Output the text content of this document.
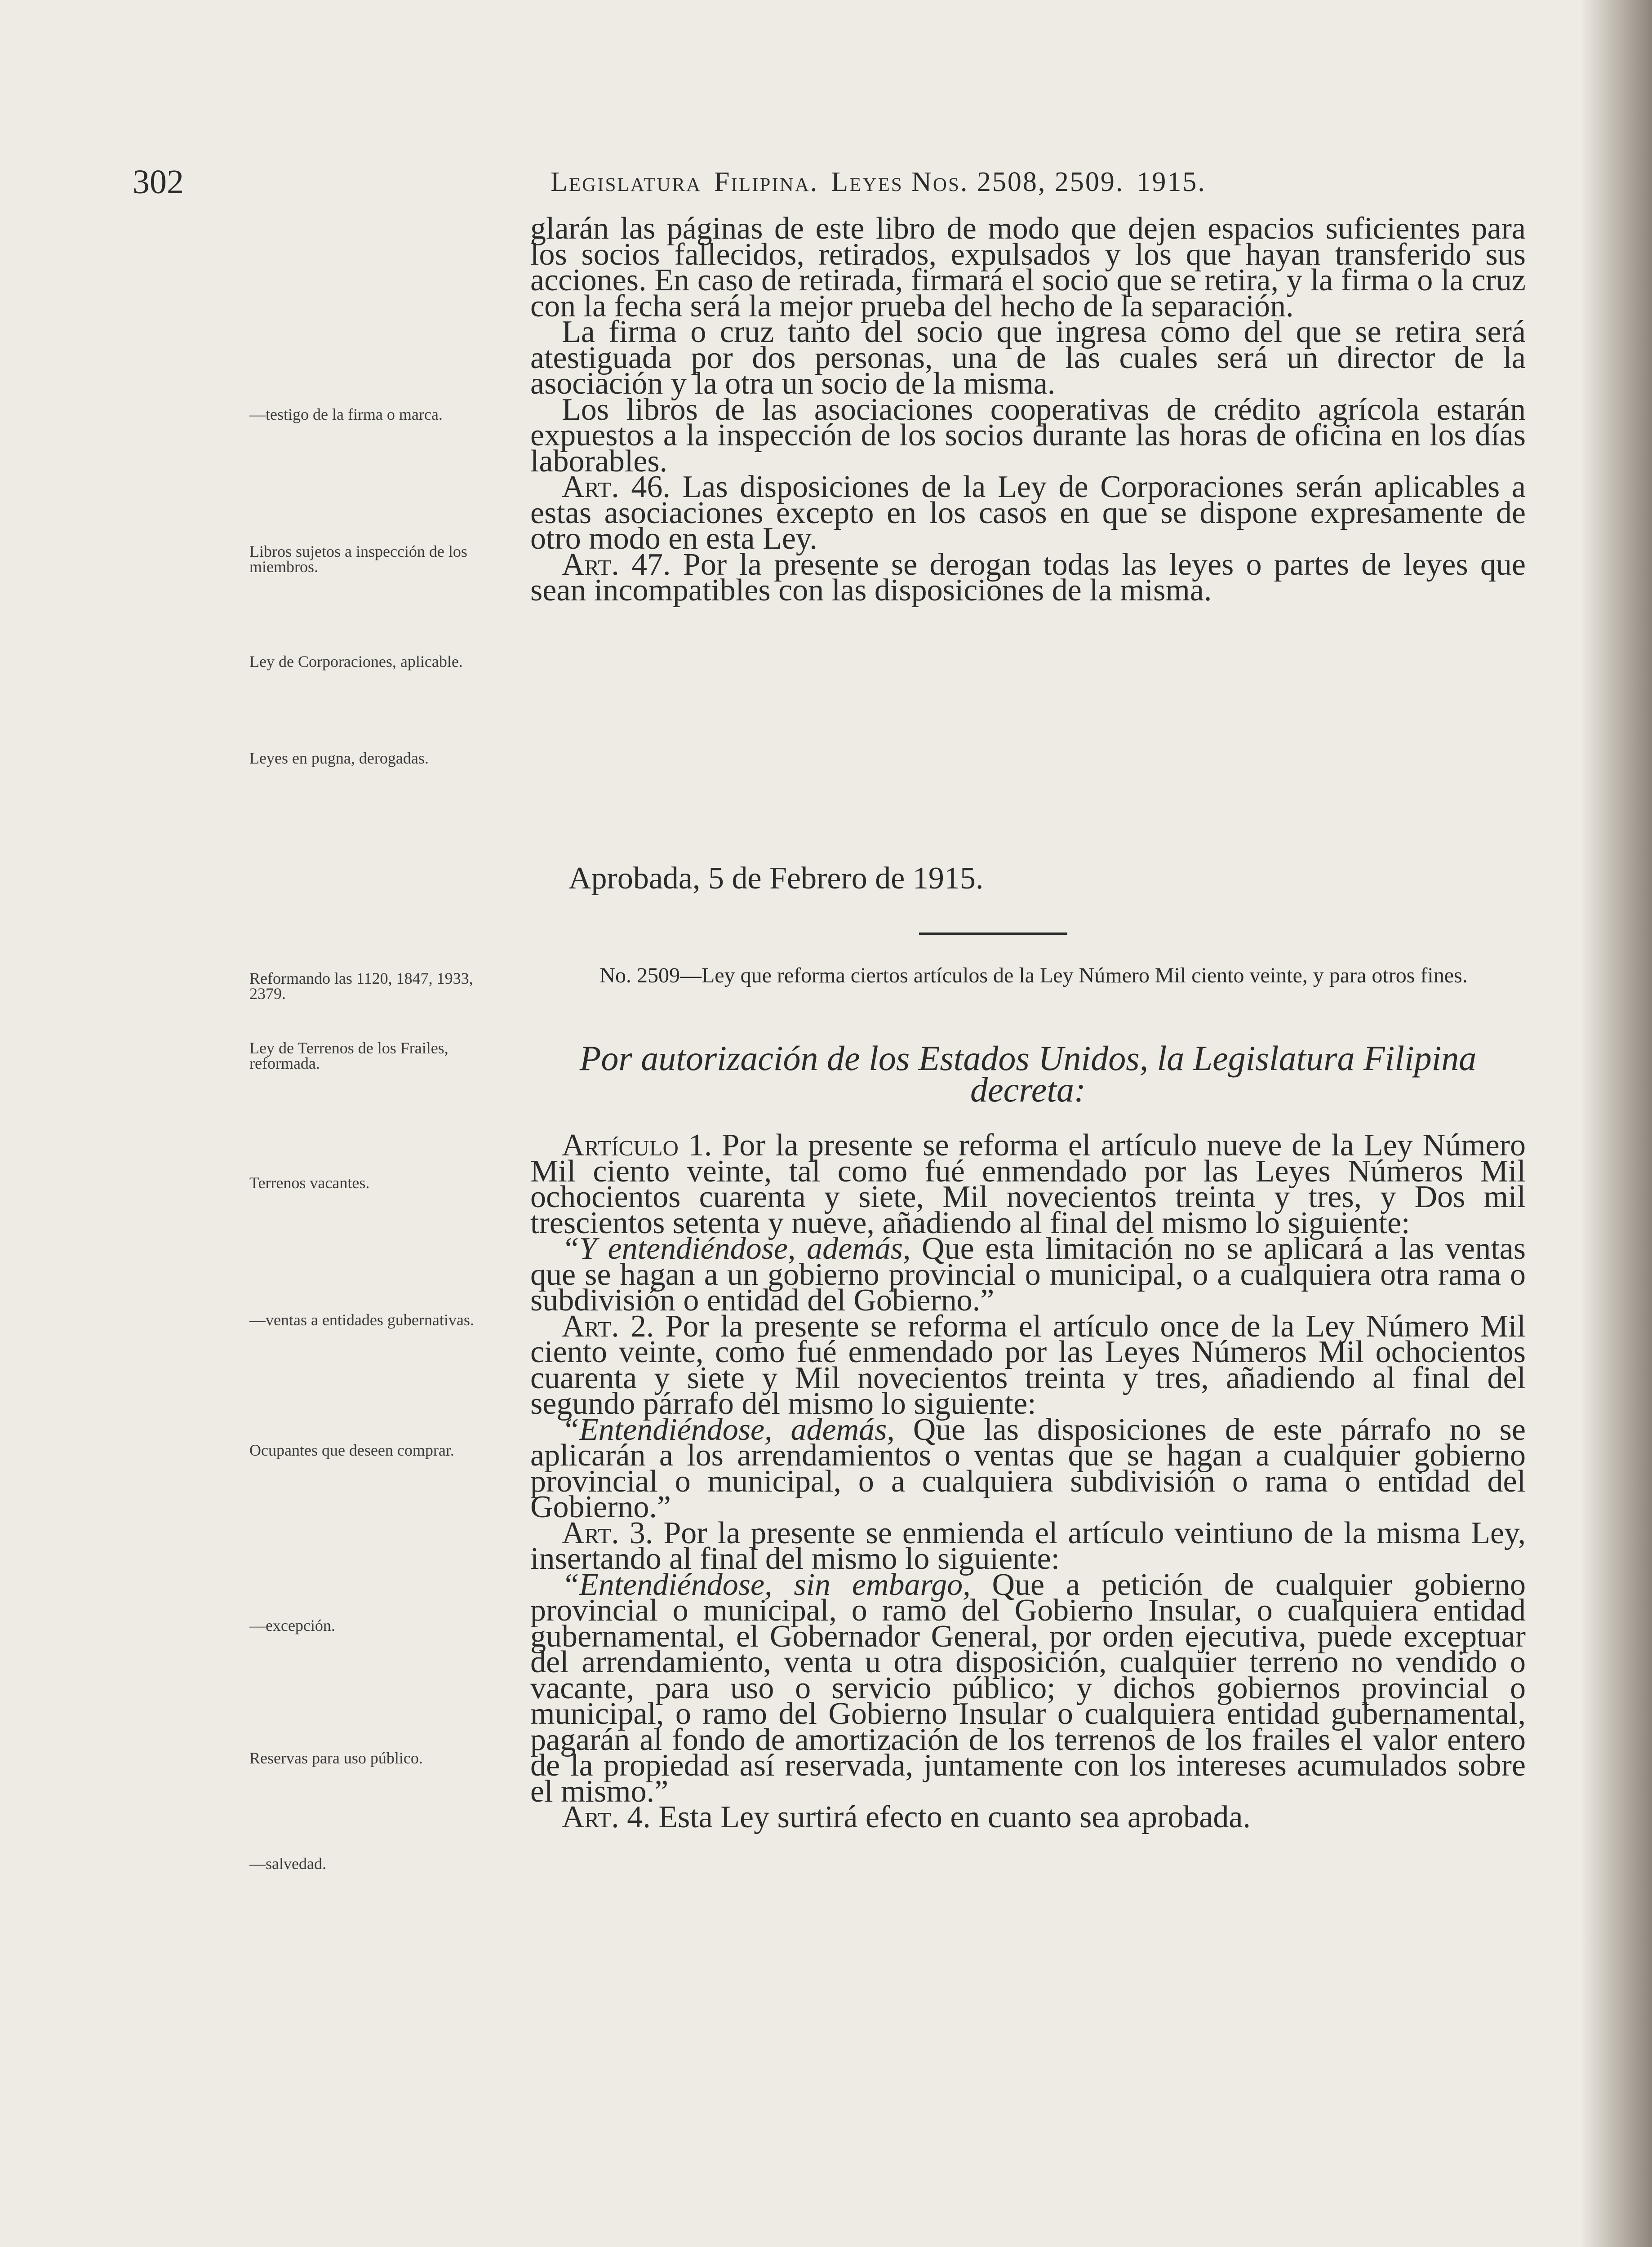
302	Legislatura Filipina. Leyes Nos. 2508, 2509. 1915.

glarán las páginas de este libro de modo que dejen espacios suficientes para los socios fallecidos, retirados, expulsados y los que hayan transferido sus acciones. En caso de retirada, firmará el socio que se retira, y la firma o la cruz con la fecha será la mejor prueba del hecho de la separación.

La firma o cruz tanto del socio que ingresa como del que se retira será atestiguada por dos personas, una de las cuales será un director de la asociación y la otra un socio de la misma.

Los libros de las asociaciones cooperativas de crédito agrícola estarán expuestos a la inspección de los socios durante las horas de oficina en los días laborables.

Art. 46. Las disposiciones de la Ley de Corporaciones serán aplicables a estas asociaciones excepto en los casos en que se dispone expresamente de otro modo en esta Ley.

Art. 47. Por la presente se derogan todas las leyes o partes de leyes que sean incompatibles con las disposiciones de la misma.

Aprobada, 5 de Febrero de 1915.
No. 2509—Ley que reforma ciertos artículos de la Ley Número Mil ciento veinte, y para otros fines.
Por autorización de los Estados Unidos, la Legislatura Filipina decreta:

Artículo 1. Por la presente se reforma el artículo nueve de la Ley Número Mil ciento veinte, tal como fué enmendado por las Leyes Números Mil ochocientos cuarenta y siete, Mil novecientos treinta y tres, y Dos mil trescientos setenta y nueve, añadiendo al final del mismo lo siguiente:

“Y entendiéndose, además, Que esta limitación no se aplicará a las ventas que se hagan a un gobierno provincial o municipal, o a cualquiera otra rama o subdivisión o entidad del Gobierno.”

Art. 2. Por la presente se reforma el artículo once de la Ley Número Mil ciento veinte, como fué enmendado por las Leyes Números Mil ochocientos cuarenta y siete y Mil novecientos treinta y tres, añadiendo al final del segundo párrafo del mismo lo siguiente:

“Entendiéndose, además, Que las disposiciones de este párrafo no se aplicarán a los arrendamientos o ventas que se hagan a cualquier gobierno provincial o municipal, o a cualquiera subdivisión o rama o entidad del Gobierno.”

Art. 3. Por la presente se enmienda el artículo veintiuno de la misma Ley, insertando al final del mismo lo siguiente:

“Entendiéndose, sin embargo, Que a petición de cualquier gobierno provincial o municipal, o ramo del Gobierno Insular, o cualquiera entidad gubernamental, el Gobernador General, por orden ejecutiva, puede exceptuar del arrendamiento, venta u otra disposición, cualquier terreno no vendido o vacante, para uso o servicio público; y dichos gobiernos provincial o municipal, o ramo del Gobierno Insular o cualquiera entidad gubernamental, pagarán al fondo de amortización de los terrenos de los frailes el valor entero de la propiedad así reservada, juntamente con los intereses acumulados sobre el mismo.”

Art. 4. Esta Ley surtirá efecto en cuanto sea aprobada.

—testigo de la firma o marca.
Libros sujetos a inspección de los miembros.
Ley de Corporaciones, aplicable.
Leyes en pugna, derogadas.
Reformando las 1120, 1847, 1933, 2379.
Ley de Terrenos de los Frailes, reformada.
Terrenos vacantes.
—ventas a entidades gubernativas.
Ocupantes que deseen comprar.
—excepción.
Reservas para uso público.
—salvedad.
